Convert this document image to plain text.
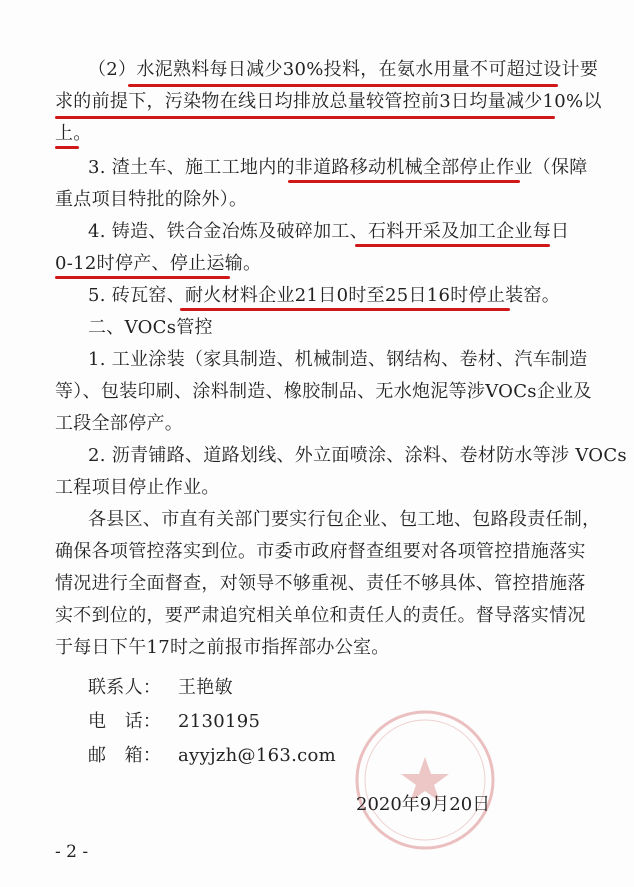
（2）水泥熟料每日减少30%投料，在氨水用量不可超过设计要
求的前提下，污染物在线日均排放总量较管控前3日均量减少10%以
上。
3. 渣土车、施工工地内的非道路移动机械全部停止作业（保障
重点项目特批的除外）。
4. 铸造、铁合金冶炼及破碎加工、石料开采及加工企业每日
0-12时停产、停止运输。
5. 砖瓦窑、耐火材料企业21日0时至25日16时停止装窑。
二、VOCs管控
1. 工业涂装（家具制造、机械制造、钢结构、卷材、汽车制造
等）、包装印刷、涂料制造、橡胶制品、无水炮泥等涉VOCs企业及
工段全部停产。
2. 沥青铺路、道路划线、外立面喷涂、涂料、卷材防水等涉 VOCs
工程项目停止作业。
各县区、市直有关部门要实行包企业、包工地、包路段责任制，
确保各项管控落实到位。市委市政府督查组要对各项管控措施落实
情况进行全面督查，对领导不够重视、责任不够具体、管控措施落
实不到位的，要严肃追究相关单位和责任人的责任。督导落实情况
于每日下午17时之前报市指挥部办公室。
联系人： 王艳敏
电　话： 2130195
邮　箱： ayyjzh@163.com
2020年9月20日
- 2 -
